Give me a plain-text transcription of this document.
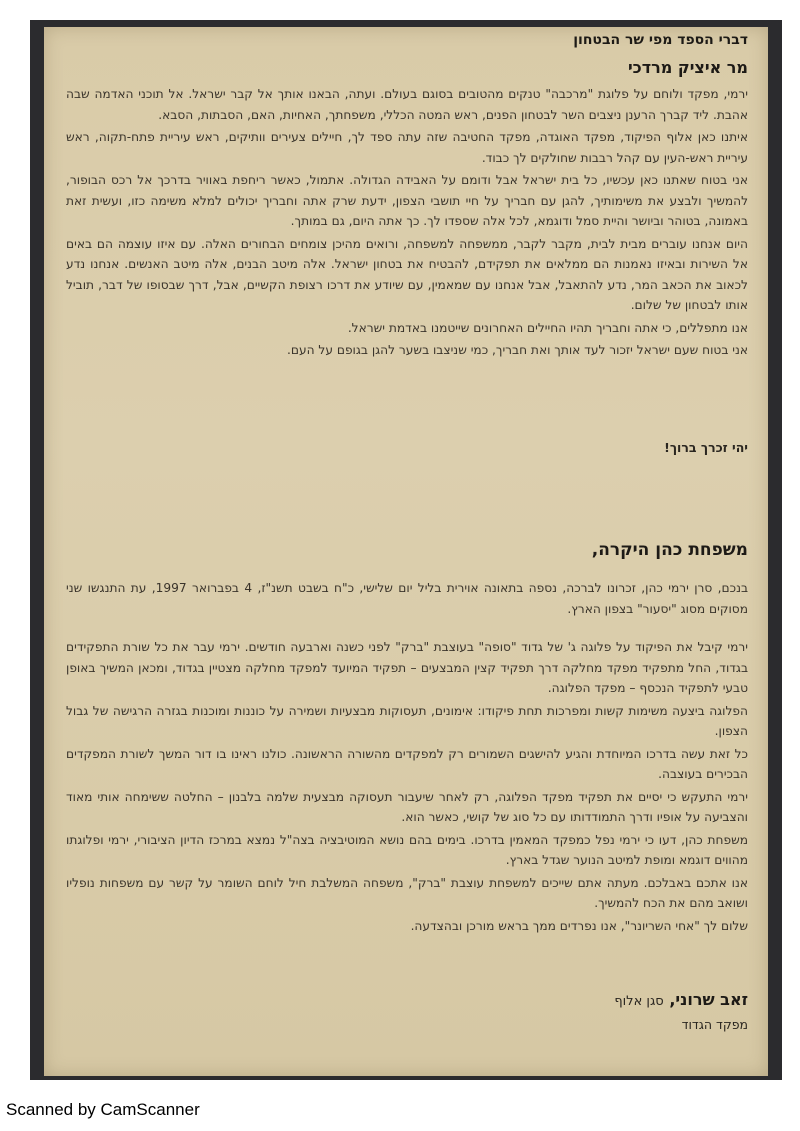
דברי הספד מפי שר הבטחון
מר איציק מרדכי

ירמי, מפקד ולוחם על פלוגת "מרכבה" טנקים מהטובים בסוגם בעולם. ועתה, הבאנו אותך אל קבר ישראל. אל תוכני האדמה שבה אהבת. ליד קברך הרענן ניצבים השר לבטחון הפנים, ראש המטה הכללי, משפחתך, האחיות, האם, הסבתות, הסבא.

איתנו כאן אלוף הפיקוד, מפקד האוגדה, מפקד החטיבה שזה עתה ספד לך, חיילים צעירים וותיקים, ראש עיריית פתח-תקוה, ראש עיריית ראש-העין עם קהל רבבות שחולקים לך כבוד.

אני בטוח שאתנו כאן עכשיו, כל בית ישראל אבל ודומם על האבידה הגדולה. אתמול, כאשר ריחפת באוויר בדרכך אל רכס הבופור, להמשיך ולבצע את משימותיך, להגן עם חבריך על חיי תושבי הצפון, ידעת שרק אתה וחבריך יכולים למלא משימה כזו, ועשית זאת באמונה, בטוהר וביושר והיית סמל ודוגמא, לכל אלה שספדו לך. כך אתה היום, גם במותך.

היום אנחנו עוברים מבית לבית, מקבר לקבר, ממשפחה למשפחה, ורואים מהיכן צומחים הבחורים האלה. עם איזו עוצמה הם באים אל השירות ובאיזו נאמנות הם ממלאים את תפקידם, להבטיח את בטחון ישראל. אלה מיטב הבנים, אלה מיטב האנשים. אנחנו נדע לכאוב את הכאב המר, נדע להתאבל, אבל אנחנו עם שמאמין, עם שיודע את דרכו רצופת הקשיים, אבל, דרך שבסופו של דבר, תוביל אותו לבטחון של שלום.

אנו מתפללים, כי אתה וחבריך תהיו החיילים האחרונים שייטמנו באדמת ישראל.

אני בטוח שעם ישראל יזכור לעד אותך ואת חבריך, כמי שניצבו בשער להגן בגופם על העם.

יהי זכרך ברוך!
משפחת כהן היקרה,

בנכם, סרן ירמי כהן, זכרונו לברכה, נספה בתאונה אוירית בליל יום שלישי, כ"ח בשבט תשנ"ז, 4 בפברואר 1997, עת התנגשו שני מסוקים מסוג "יסעור" בצפון הארץ.

ירמי קיבל את הפיקוד על פלוגה ג' של גדוד "סופה" בעוצבת "ברק" לפני כשנה וארבעה חודשים. ירמי עבר את כל שורת התפקידים בגדוד, החל מתפקיד מפקד מחלקה דרך תפקיד קצין המבצעים – תפקיד המיועד למפקד מחלקה מצטיין בגדוד, ומכאן המשיך באופן טבעי לתפקיד הנכסף – מפקד הפלוגה.

הפלוגה ביצעה משימות קשות ומפרכות תחת פיקודו: אימונים, תעסוקות מבצעיות ושמירה על כוננות ומוכנות בגזרה הרגישה של גבול הצפון.

כל זאת עשה בדרכו המיוחדת והגיע להישגים השמורים רק למפקדים מהשורה הראשונה. כולנו ראינו בו דור המשך לשורת המפקדים הבכירים בעוצבה.

ירמי התעקש כי יסיים את תפקיד מפקד הפלוגה, רק לאחר שיעבור תעסוקה מבצעית שלמה בלבנון – החלטה ששימחה אותי מאוד והצביעה על אופיו ודרך התמודדותו עם כל סוג של קושי, כאשר הוא.

משפחת כהן, דעו כי ירמי נפל כמפקד המאמין בדרכו. בימים בהם נושא המוטיבציה בצה"ל נמצא במרכז הדיון הציבורי, ירמי ופלוגתו מהווים דוגמא ומופת למיטב הנוער שגדל בארץ.

אנו אתכם באבלכם. מעתה אתם שייכים למשפחת עוצבת "ברק", משפחה המשלבת חיל לוחם השומר על קשר עם משפחות נופליו ושואב מהם את הכח להמשיך.

שלום לך "אחי השריונר", אנו נפרדים ממך בראש מורכן ובהצדעה.

זאב שרוני, סגן אלוף
מפקד הגדוד
Scanned by CamScanner
